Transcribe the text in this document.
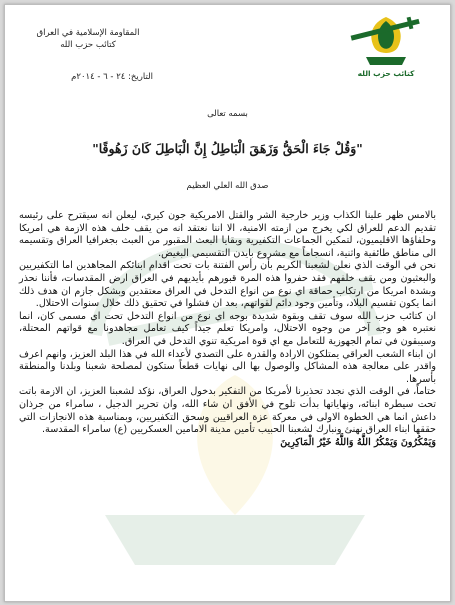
المقاومة الإسلامية في العراق
كتائب حزب الله
التاريخ: ٢٤ - ٦ - ٢٠١٤م	كتائب حزب الله
بسمه تعالى
"وَقُلْ جَاءَ الْحَقُّ وَزَهَقَ الْبَاطِلُ إِنَّ الْبَاطِلَ كَانَ زَهُوقًا"
صدق الله العلي العظيم

بالامس ظهر علينا الكذاب وزير خارجية الشر والقتل الامريكية جون كيري، ليعلن انه سيقترح على رئيسه تقديم الدعم للعراق لكي يخرج من ازمته الامنية، الا اننا نعتقد انه من يقف خلف هذه الازمة هي امريكا وحلفاؤها الاقليميون، لتمكين الجماعات التكفيرية وبقايا البعث المقبور من العبث بجغرافيا العراق وتقسيمه الى مناطق طائفية واثنية، انسجاماً مع مشروع بايدن التقسيمي البغيض.

نحن في الوقت الذي نعلن لشعبنا الكريم بأن رأس الفتنة بات تحت اقدام ابنائكم المجاهدين اما التكفيريين والبعثيون ومن يقف خلفهم فقد حفروا هذه المرة قبورهم بأيديهم في العراق ارض المقدسات، فأننا نحذر وبشدة امريكا من ارتكاب حماقة اي نوع من انواع التدخل في العراق معتقدين وبشكل جازم ان هدف ذلك انما يكون تقسيم البلاد، وتأمين وجود دائم لقواتهم، بعد ان فشلوا في تحقيق ذلك خلال سنوات الاحتلال.

ان كتائب حزب الله سوف تقف وبقوة شديدة بوجه اي نوع من انواع التدخل تحت اي مسمى كان، انما نعتبره هو وجه آخر من وجوه الاحتلال، وامريكا تعلم جيداً كيف تعامل مجاهدونا مع قواتهم المحتلة، وسيبقون في تمام الجهوزية للتعامل مع اي قوة امريكية تنوي التدخل في العراق.

ان ابناء الشعب العراقي يمتلكون الارادة والقدرة على التصدي لأعداء الله في هذا البلد العزيز، وانهم اعرف واقدر على معالجة هذه المشاكل والوصول بها الى نهايات قطعاً ستكون لمصلحة شعبنا وبلدنا والمنطقة بأسرها.

ختاماً، في الوقت الذي نجدد تحذيرنا لأمريكا من التفكير بدخول العراق، نؤكد لشعبنا العزيز، ان الازمة باتت تحت سيطرة ابنائه، ونهاياتها بدأت تلوح في الأفق ان شاء الله، وان تحرير الدجيل ، سامراء من جرذان داعش انما هي الخطوة الاولى في معركة عزة العراقيين وسحق التكفيريين، وبمناسبة هذه الانجازات التي حققها ابناء العراق نهنئ ونبارك لشعبنا الحبيب تأمين مدينة الامامين العسكريين (ع) سامراء المقدسة.

وَيَمْكُرُونَ وَيَمْكُرُ اللَّهُ وَاللَّهُ خَيْرُ الْمَاكِرِينَ
